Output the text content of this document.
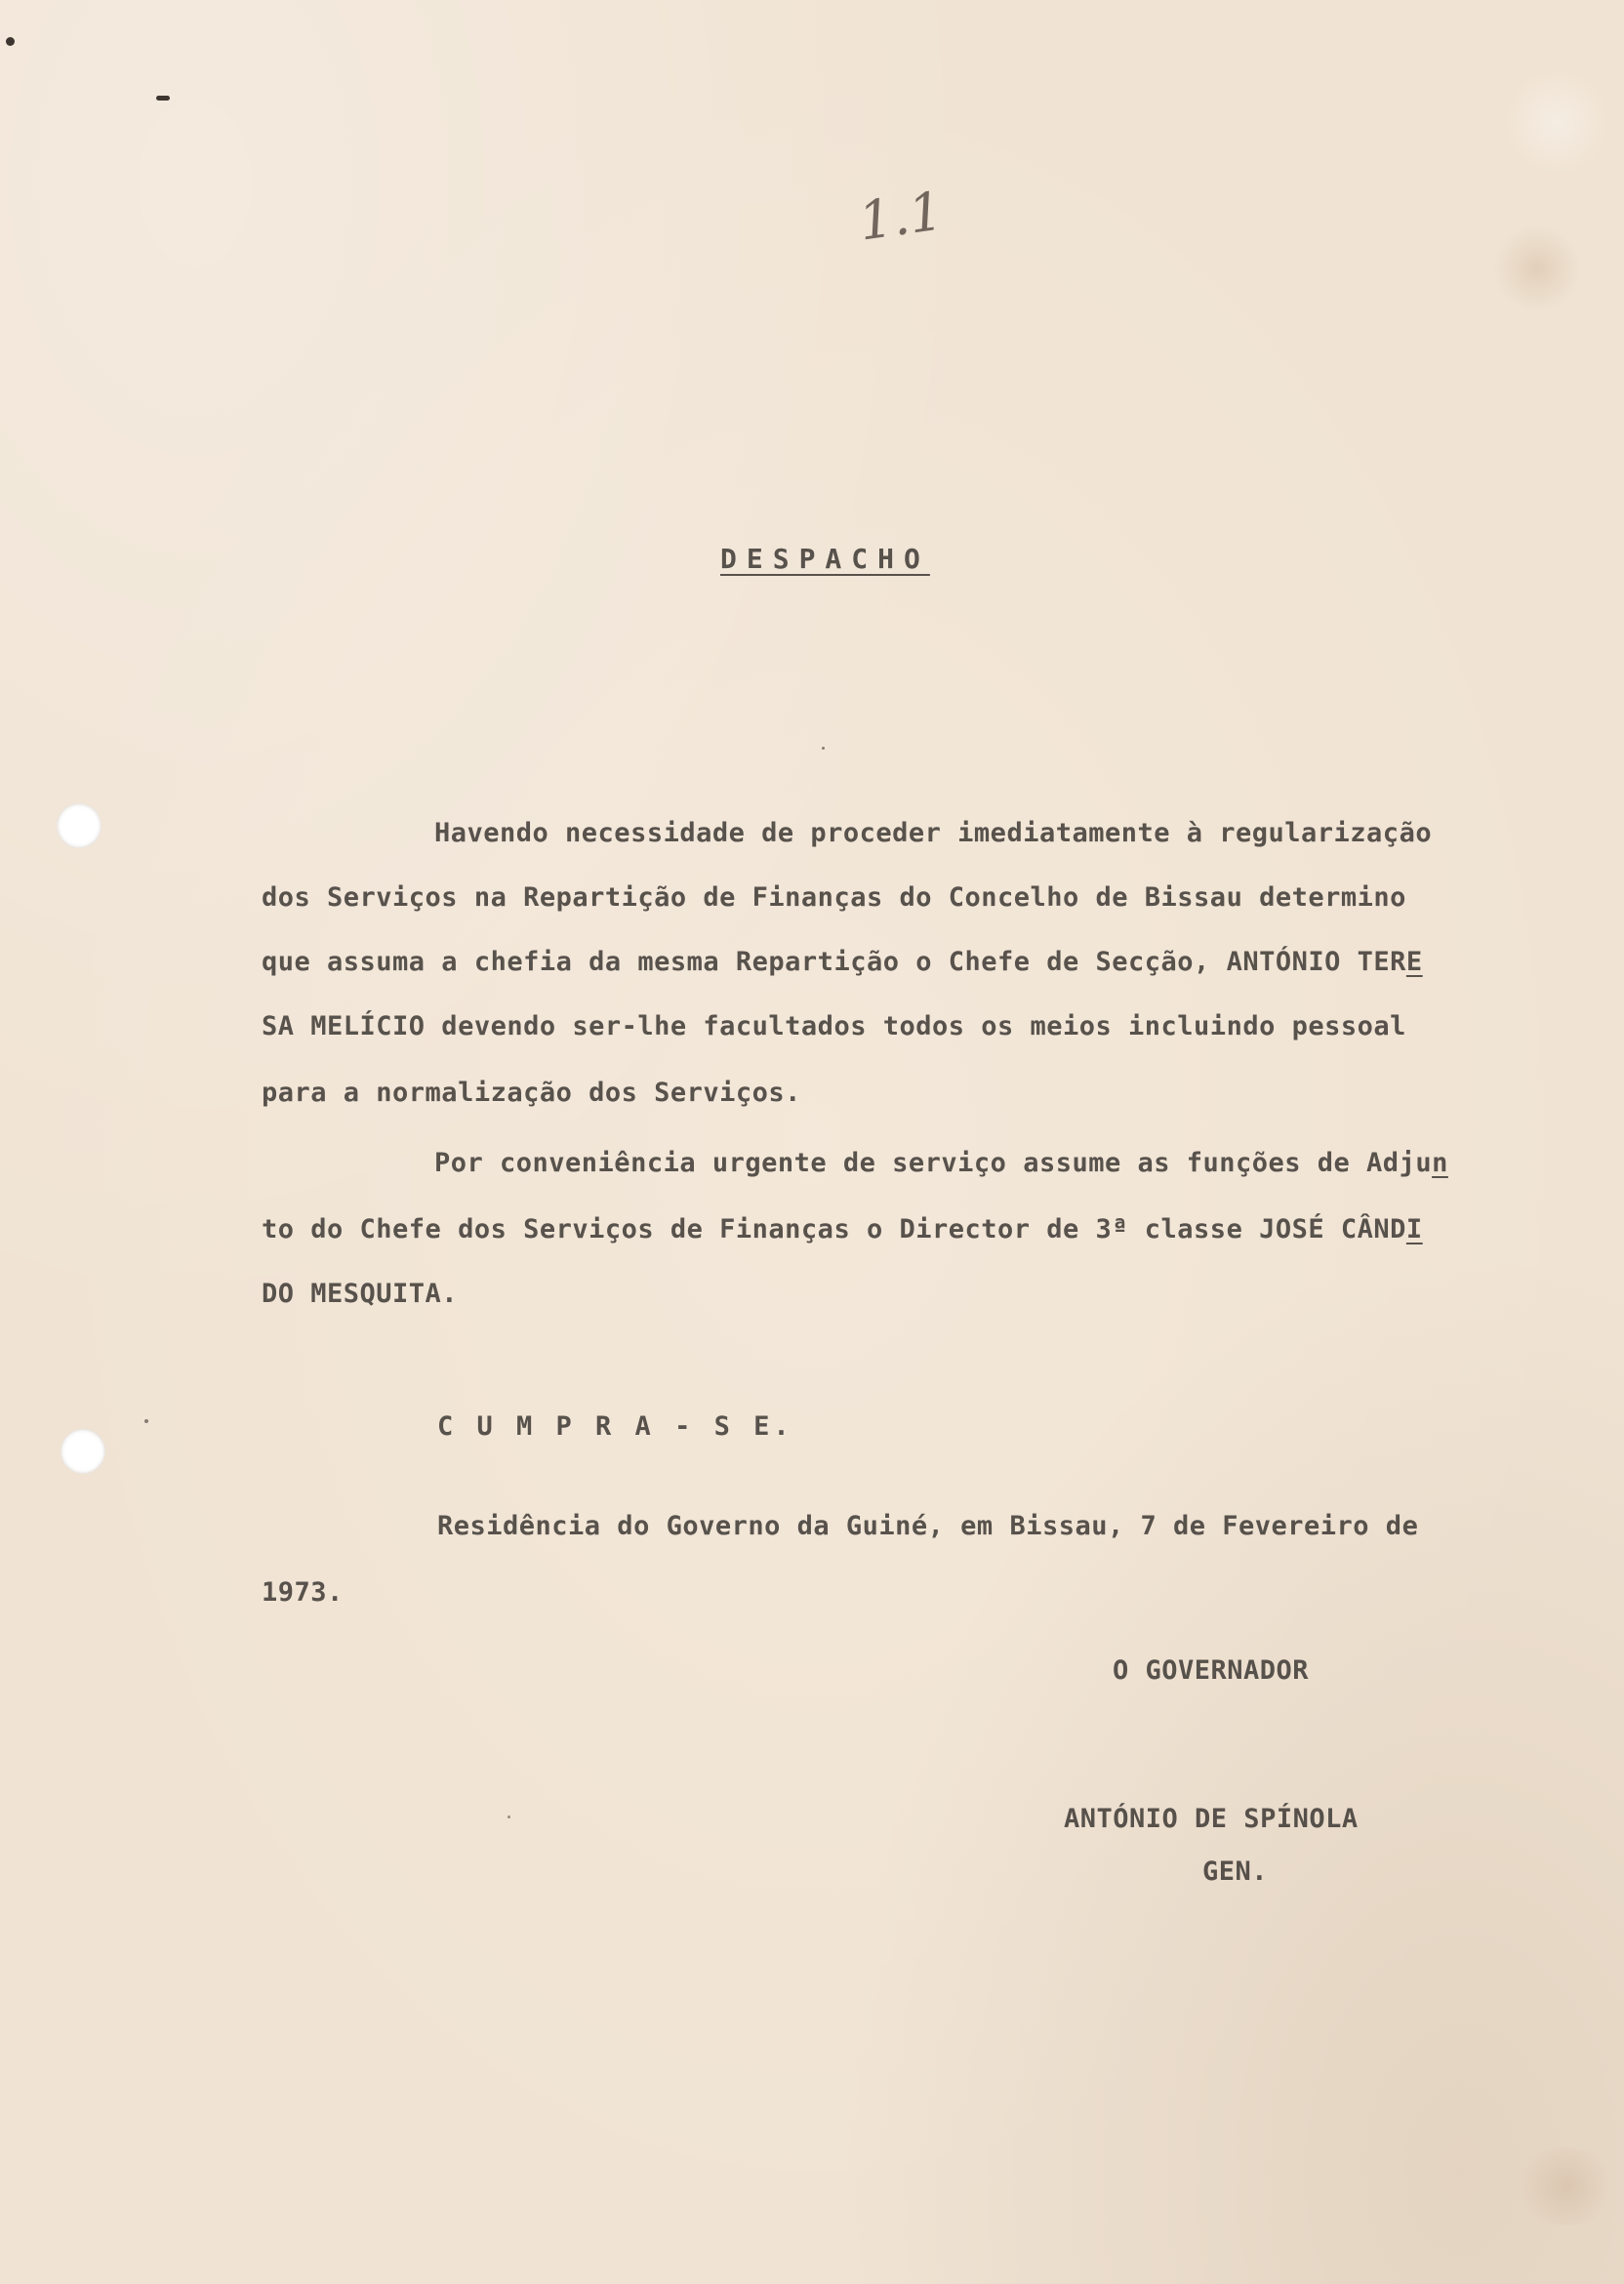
1.1
DESPACHO
Havendo necessidade de proceder imediatamente à regularização
dos Serviços na Repartição de Finanças do Concelho de Bissau determino
que assuma a chefia da mesma Repartição o Chefe de Secção, ANTÓNIO TERE
SA MELÍCIO devendo ser-lhe facultados todos os meios incluindo pessoal
para a normalização dos Serviços.
Por conveniência urgente de serviço assume as funções de Adjun
to do Chefe dos Serviços de Finanças o Director de 3ª classe JOSÉ CÂNDI
DO MESQUITA.
C U M P R A - S E.
Residência do Governo da Guiné, em Bissau, 7 de Fevereiro de
1973.
O GOVERNADOR
ANTÓNIO DE SPÍNOLA
GEN.
